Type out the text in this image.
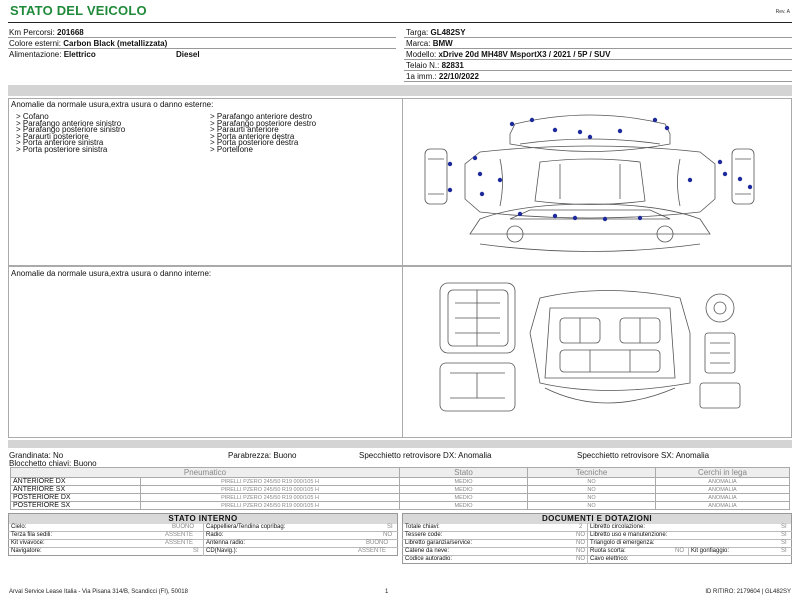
STATO DEL VEICOLO	Rev. A
Km Percorsi: 201668
Colore esterni: Carbon Black (metallizzata)
Alimentazione: Elettrico	Diesel
Targa: GL482SY
Marca: BMW
Modello: xDrive 20d MH48V MsportX3 / 2021 / 5P / SUV
Telaio N.: 82831
1a imm.: 22/10/2022
Anomalie da normale usura,extra usura o danno esterne:
> Cofano
> Parafango anteriore sinistro
> Parafango posteriore sinistro
> Paraurti posteriore
> Porta anteriore sinistra
> Porta posteriore sinistra
> Parafango anteriore destro
> Parafango posteriore destro
> Paraurti anteriore
> Porta anteriore destra
> Porta posteriore destra
> Portellone
Anomalie da normale usura,extra usura o danno interne:
Grandinata: No	Parabrezza: Buono	Specchietto retrovisore DX: Anomalia	Specchietto retrovisore SX: Anomalia
Blocchetto chiavi: Buono
Pneumatico		Stato	Tecniche	Cerchi in lega
ANTERIORE DX	PIRELLI PZERO 245/50 R19 000/105 H	MEDIO	NO	ANOMALIA
ANTERIORE SX	PIRELLI PZERO 245/50 R19 000/105 H	MEDIO	NO	ANOMALIA
POSTERIORE DX	PIRELLI PZERO 245/50 R19 000/105 H	MEDIO	NO	ANOMALIA
POSTERIORE SX	PIRELLI PZERO 245/50 R19 000/105 H	MEDIO	NO	ANOMALIA
STATO INTERNO
Cielo:	BUONO
Terza fila sedili:	ASSENTE
Kit vivavoce:	ASSENTE
Navigatore:	SI
Cappelliera/Tendina copribag:	SI
Radio:	NO
Antenna radio:	BUONO
CD(Navig.):	ASSENTE
DOCUMENTI E DOTAZIONI
Totale chiavi:	2
Tessere code:	NO
Libretto garanzia/service:	NO
Catene da neve:	NO
Codice autoradio:	NO
Libretto circolazione:	SI
Libretto uso e manutenzione:	SI
Triangolo di emergenza:	SI
Ruota scorta:	NO Kit gonfiaggio:	SI
Cavo elettrico:
Arval Service Lease Italia - Via Pisana 314/B, Scandicci (FI), 50018	1	ID RITIRO: 2179604 | GL482SY
